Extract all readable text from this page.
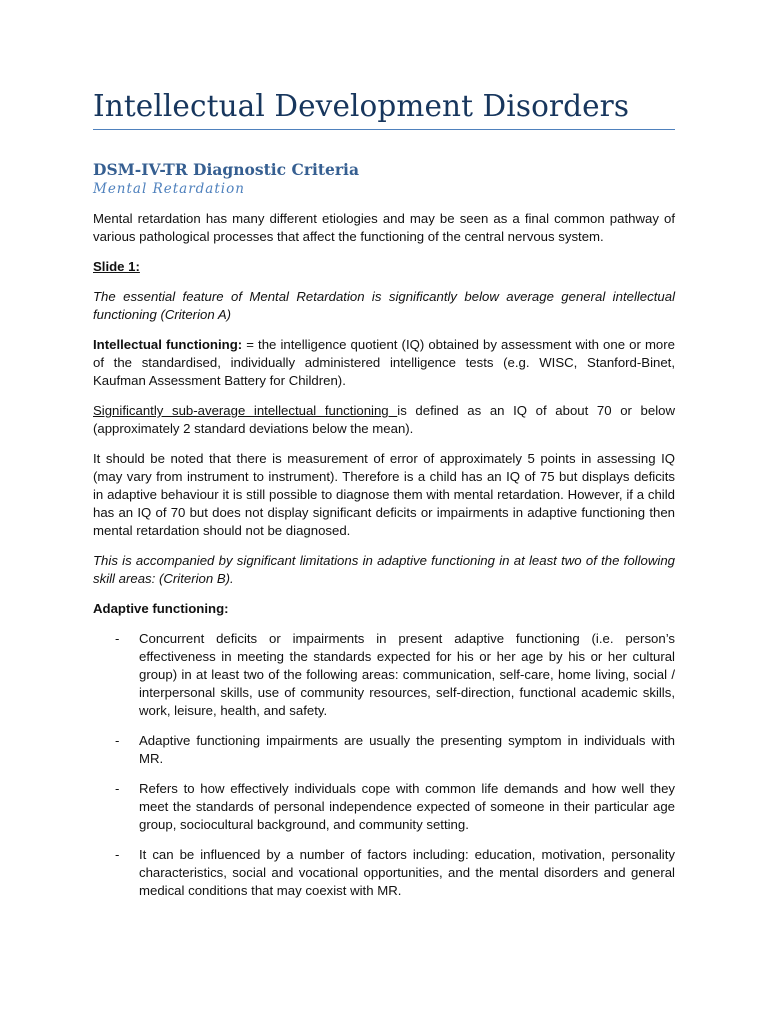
Intellectual Development Disorders
DSM-IV-TR Diagnostic Criteria
Mental Retardation

Mental retardation has many different etiologies and may be seen as a final common pathway of various pathological processes that affect the functioning of the central nervous system.

Slide 1:

The essential feature of Mental Retardation is significantly below average general intellectual functioning (Criterion A)

Intellectual functioning: = the intelligence quotient (IQ) obtained by assessment with one or more of the standardised, individually administered intelligence tests (e.g. WISC, Stanford-Binet, Kaufman Assessment Battery for Children).

Significantly sub-average intellectual functioning is defined as an IQ of about 70 or below (approximately 2 standard deviations below the mean).

It should be noted that there is measurement of error of approximately 5 points in assessing IQ (may vary from instrument to instrument). Therefore is a child has an IQ of 75 but displays deficits in adaptive behaviour it is still possible to diagnose them with mental retardation. However, if a child has an IQ of 70 but does not display significant deficits or impairments in adaptive functioning then mental retardation should not be diagnosed.

This is accompanied by significant limitations in adaptive functioning in at least two of the following skill areas: (Criterion B).

Adaptive functioning:

- Concurrent deficits or impairments in present adaptive functioning (i.e. person’s effectiveness in meeting the standards expected for his or her age by his or her cultural group) in at least two of the following areas: communication, self-care, home living, social / interpersonal skills, use of community resources, self-direction, functional academic skills, work, leisure, health, and safety.
- Adaptive functioning impairments are usually the presenting symptom in individuals with MR.
- Refers to how effectively individuals cope with common life demands and how well they meet the standards of personal independence expected of someone in their particular age group, sociocultural background, and community setting.
- It can be influenced by a number of factors including: education, motivation, personality characteristics, social and vocational opportunities, and the mental disorders and general medical conditions that may coexist with MR.
